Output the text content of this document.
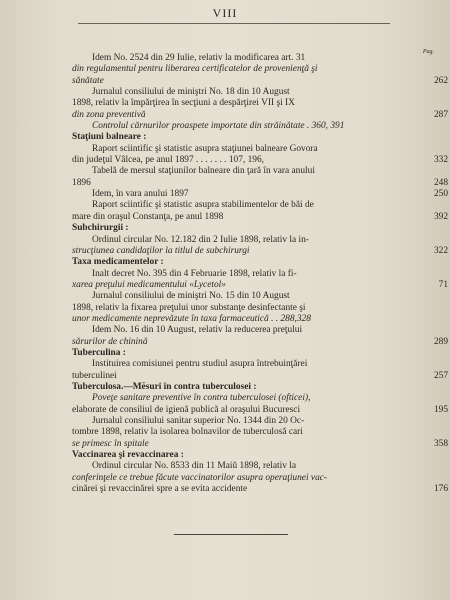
VIII
Pag.
Idem No. 2524 din 29 Iulie, relativ la modificarea art. 31
din regulamentul pentru liberarea certificatelor de provenienţă şi
sănătate	262
Jurnalul consiliului de miniştri No. 18 din 10 August
1898, relativ la împărţirea în secţiuni a despărţirei VII şi IX
din zona preventivă	287
Controlul cărnurilor proaspete importate din străinătate . 360, 391
Staţiuni balneare :
Raport sciintific şi statistic asupra staţiunei balneare Govora
din judeţul Vâlcea, pe anul 1897 . . . . . . . 107, 196,	332
Tabelă de mersul staţiunilor balneare din ţară în vara anului
1896	248
Idem, în vara anului 1897	250
Raport sciintific şi statistic asupra stabilimentelor de băi de
mare din oraşul Constanţa, pe anul 1898	392
Subchirurgii :
Ordinul circular No. 12.182 din 2 Iulie 1898, relativ la in-
strucţiunea candidaţilor la titlul de subchirurgi	322
Taxa medicamentelor :
Inalt decret No. 395 din 4 Februarie 1898, relativ la fi-
xarea preţului medicamentului «Lycetol»	71
Jurnalul consiliului de miniştri No. 15 din 10 August
1898, relativ la fixarea preţului unor substanţe desinfectante şi
unor medicamente neprevăzute în taxa farmaceutică . . 288,328
Idem No. 16 din 10 August, relativ la reducerea preţului
sărurilor de chinină	289
Tuberculina :
Instituirea comisiunei pentru studiul asupra întrebuinţărei
tuberculinei	257
Tuberculosa.—Mĕsuri în contra tuberculosei :
Poveţe sanitare preventive în contra tuberculosei (ofticei),
elaborate de consiliul de igienă publică al oraşului Bucuresci	195
Jurnalul consiliului sanitar superior No. 1344 din 20 Oc-
tombre 1898, relativ la isolarea bolnavilor de tuberculosă cari
se primesc în spitale	358
Vaccinarea şi revaccinarea :
Ordinul circular No. 8533 din 11 Maiŭ 1898, relativ la
conferinţele ce trebue făcute vaccinatorilor asupra operaţiunei vac-
cinărei şi revaccinărei spre a se evita accidente	176
